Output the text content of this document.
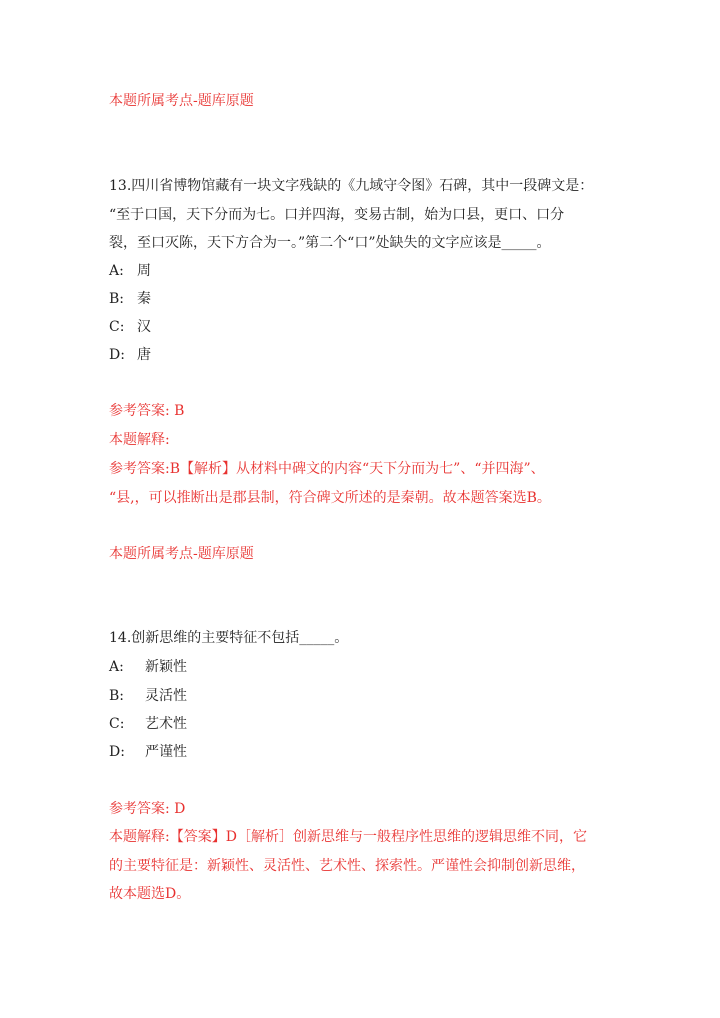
本题所属考点-题库原题
13.四川省博物馆藏有一块文字残缺的《九域守令图》石碑，其中一段碑文是：
“至于口国，天下分而为七。口并四海，变易古制，始为口县，更口、口分
裂，至口灭陈，天下方合为一。”第二个“口”处缺失的文字应该是_____。
A: 周
B: 秦
C: 汉
D: 唐
参考答案: B
本题解释:
参考答案:B【解析】从材料中碑文的内容“天下分而为七”、“并四海”、
“县,，可以推断出是郡县制，符合碑文所述的是秦朝。故本题答案选B。
本题所属考点-题库原题
14.创新思维的主要特征不包括_____。
A: 新颖性
B: 灵活性
C: 艺术性
D: 严谨性
参考答案: D
本题解释:【答案】D［解析］创新思维与一般程序性思维的逻辑思维不同，它
的主要特征是：新颖性、灵活性、艺术性、探索性。严谨性会抑制创新思维，
故本题选D。
